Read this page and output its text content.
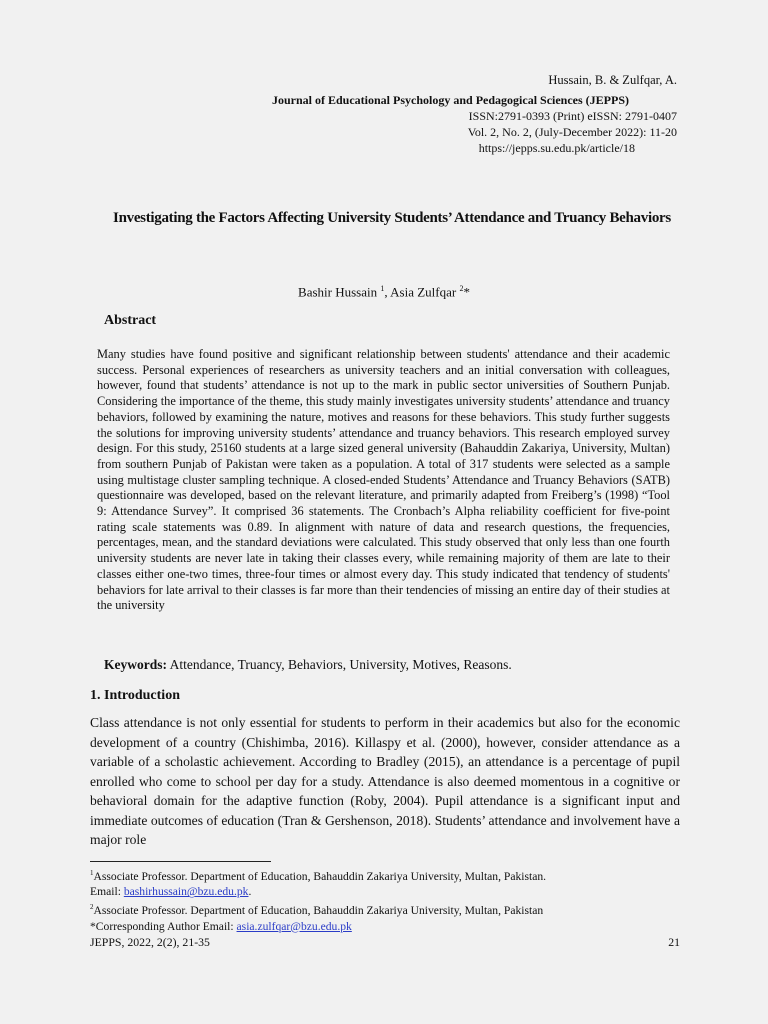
Hussain, B. & Zulfqar, A.
Journal of Educational Psychology and Pedagogical Sciences (JEPPS)
ISSN:2791-0393 (Print) eISSN: 2791-0407
Vol. 2, No. 2, (July-December 2022): 11-20
https://jepps.su.edu.pk/article/18
Investigating the Factors Affecting University Students’ Attendance and Truancy Behaviors
Bashir Hussain $^1$, Asia Zulfqar $^2$*
Abstract
Many studies have found positive and significant relationship between students' attendance and their academic success. Personal experiences of researchers as university teachers and an initial conversation with colleagues, however, found that students’ attendance is not up to the mark in public sector universities of Southern Punjab. Considering the importance of the theme, this study mainly investigates university students’ attendance and truancy behaviors, followed by examining the nature, motives and reasons for these behaviors. This study further suggests the solutions for improving university students’ attendance and truancy behaviors. This research employed survey design. For this study, 25160 students at a large sized general university (Bahauddin Zakariya, University, Multan) from southern Punjab of Pakistan were taken as a population. A total of 317 students were selected as a sample using multistage cluster sampling technique. A closed-ended Students’ Attendance and Truancy Behaviors (SATB) questionnaire was developed, based on the relevant literature, and primarily adapted from Freiberg’s (1998) “Tool 9: Attendance Survey”. It comprised 36 statements. The Cronbach’s Alpha reliability coefficient for five-point rating scale statements was 0.89. In alignment with nature of data and research questions, the frequencies, percentages, mean, and the standard deviations were calculated. This study observed that only less than one fourth university students are never late in taking their classes every, while remaining majority of them are late to their classes either one-two times, three-four times or almost every day. This study indicated that tendency of students' behaviors for late arrival to their classes is far more than their tendencies of missing an entire day of their studies at the university
Keywords: Attendance, Truancy, Behaviors, University, Motives, Reasons.
1. Introduction
Class attendance is not only essential for students to perform in their academics but also for the economic development of a country (Chishimba, 2016). Killaspy et al. (2000), however, consider attendance as a variable of a scholastic achievement. According to Bradley (2015), an attendance is a percentage of pupil enrolled who come to school per day for a study. Attendance is also deemed momentous in a cognitive or behavioral domain for the adaptive function (Roby, 2004). Pupil attendance is a significant input and immediate outcomes of education (Tran & Gershenson, 2018). Students’ attendance and involvement have a major role
$^1$Associate Professor. Department of Education, Bahauddin Zakariya University, Multan, Pakistan.
Email: bashirhussain@bzu.edu.pk.
$^2$Associate Professor. Department of Education, Bahauddin Zakariya University, Multan, Pakistan
*Corresponding Author Email: asia.zulfqar@bzu.edu.pk
JEPPS, 2022, 2(2), 21-35	21
